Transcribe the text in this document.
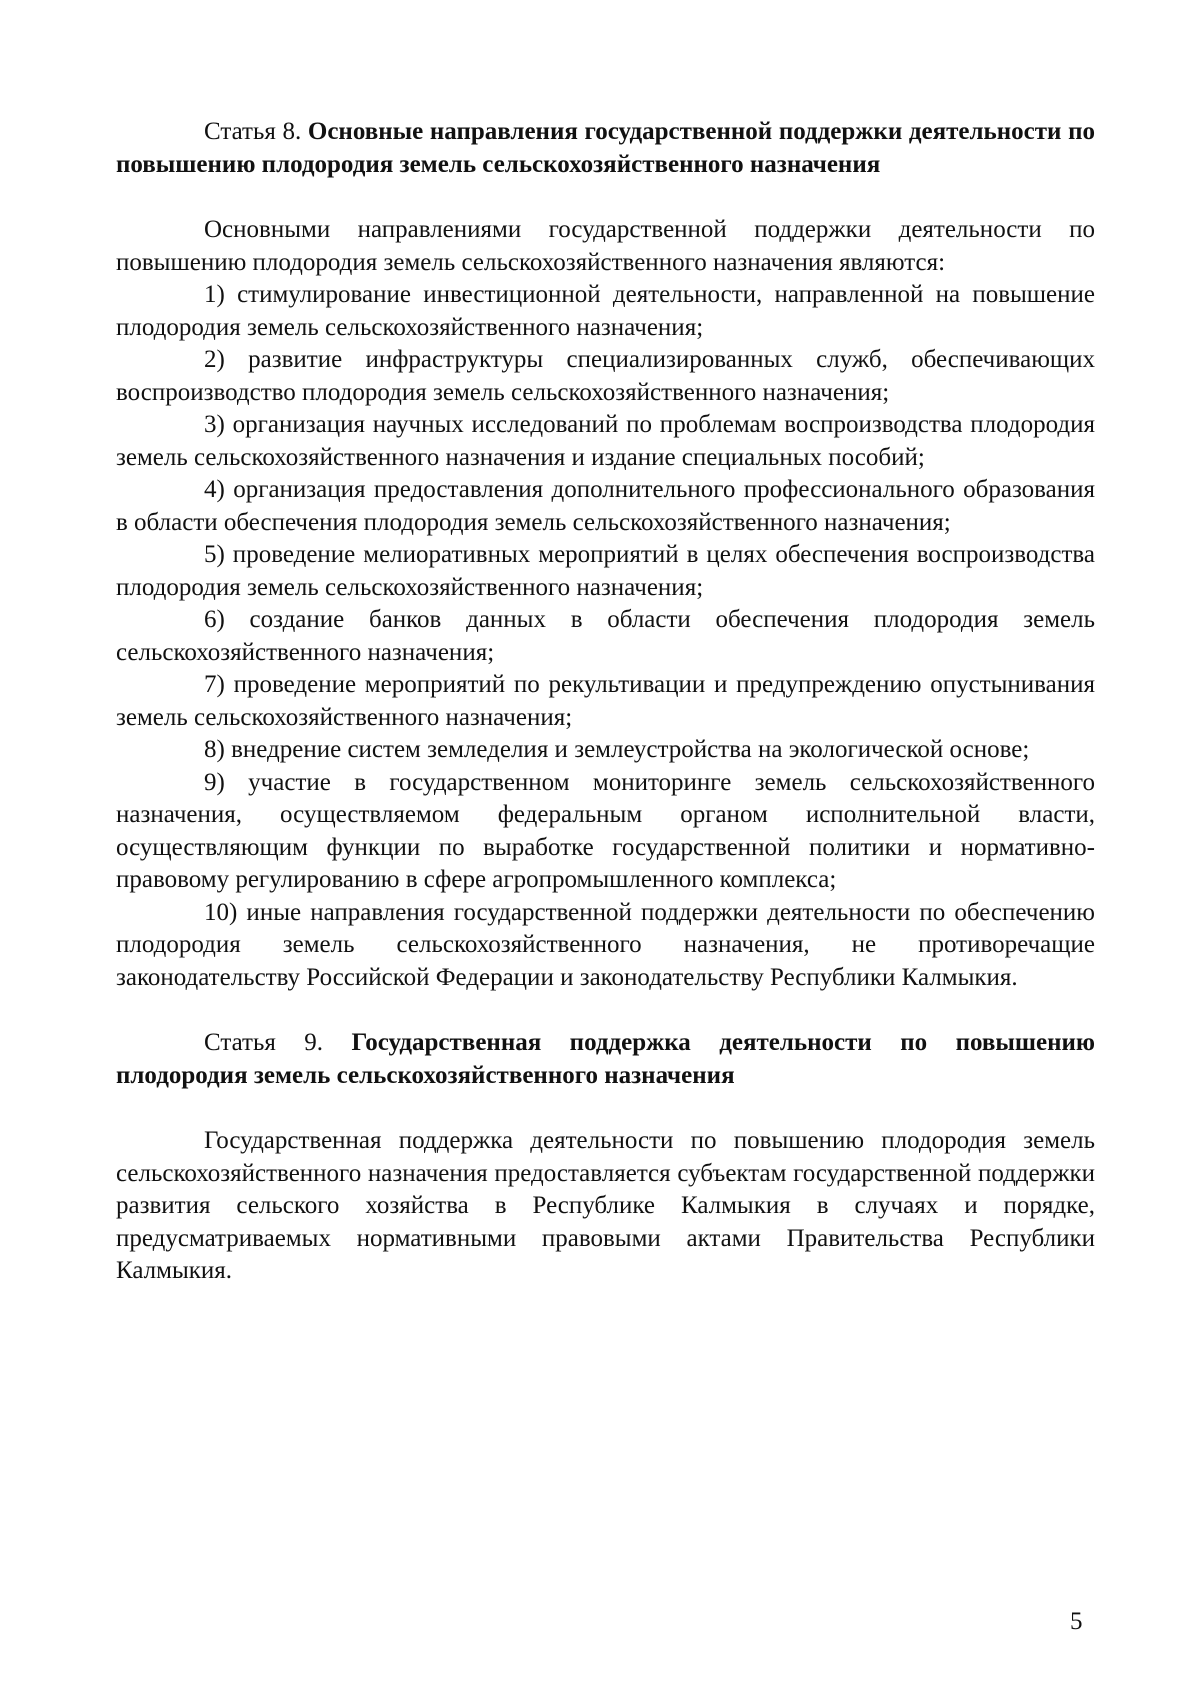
Статья 8. Основные направления государственной поддержки деятельности по повышению плодородия земель сельскохозяйственного назначения

Основными направлениями государственной поддержки деятельности по повышению плодородия земель сельскохозяйственного назначения являются:

1) стимулирование инвестиционной деятельности, направленной на повышение плодородия земель сельскохозяйственного назначения;

2) развитие инфраструктуры специализированных служб, обеспечивающих воспроизводство плодородия земель сельскохозяйственного назначения;

3) организация научных исследований по проблемам воспроизводства плодородия земель сельскохозяйственного назначения и издание специальных пособий;

4) организация предоставления дополнительного профессионального образования в области обеспечения плодородия земель сельскохозяйственного назначения;

5) проведение мелиоративных мероприятий в целях обеспечения воспроизводства плодородия земель сельскохозяйственного назначения;

6) создание банков данных в области обеспечения плодородия земель сельскохозяйственного назначения;

7) проведение мероприятий по рекультивации и предупреждению опустынивания земель сельскохозяйственного назначения;

8) внедрение систем земледелия и землеустройства на экологической основе;

9) участие в государственном мониторинге земель сельскохозяйственного назначения, осуществляемом федеральным органом исполнительной власти, осуществляющим функции по выработке государственной политики и нормативно-правовому регулированию в сфере агропромышленного комплекса;

10) иные направления государственной поддержки деятельности по обеспечению плодородия земель сельскохозяйственного назначения, не противоречащие законодательству Российской Федерации и законодательству Республики Калмыкия.

Статья 9. Государственная поддержка деятельности по повышению плодородия земель сельскохозяйственного назначения

Государственная поддержка деятельности по повышению плодородия земель сельскохозяйственного назначения предоставляется субъектам государственной поддержки развития сельского хозяйства в Республике Калмыкия в случаях и порядке, предусматриваемых нормативными правовыми актами Правительства Республики Калмыкия.

5
